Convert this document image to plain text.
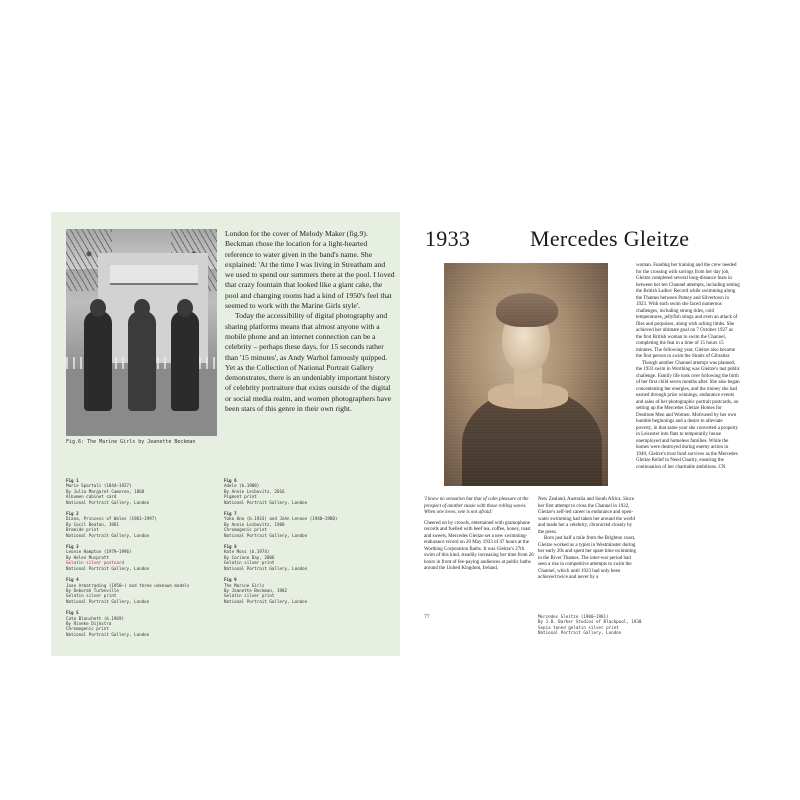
Fig.6: The Marine Girls by Jeanette Beckman

London for the cover of Melody Maker (fig.9). Beckman chose the location for a light-hearted reference to water given in the band's name. She explained: 'At the time I was living in Streatham and we used to spend our summers there at the pool. I loved that crazy fountain that looked like a giant cake, the pool and changing rooms had a kind of 1950's feel that seemed to work with the Marine Girls style'.

Today the accessibility of digital photography and sharing platforms means that almost anyone with a mobile phone and an internet connection can be a celebrity – perhaps these days, for 15 seconds rather than '15 minutes', as Andy Warhol famously quipped. Yet as the Collection of National Portrait Gallery demonstrates, there is an undeniably important history of celebrity portraiture that exists outside of the digital or social media realm, and women photographers have been stars of this genre in their own right.

Fig 1
Marie Spartali (1844–1927)
By Julia Margaret Cameron, 1868
Albumen cabinet card
National Portrait Gallery, London
Fig 2
Diana, Princess of Wales (1961–1997)
By Cecil Beaton, 1961
Bromide print
National Portrait Gallery, London
Fig 3
Leonie Hampton (1979–1996)
By Helen Muspratt
Gelatin silver postcard
National Portrait Gallery, London
Fig 4
Joan Armatrading (1950–) and three unknown models
By Deborah Turbeville
Gelatin silver print
National Portrait Gallery, London
Fig 5
Cate Blanchett (b.1969)
By Rineke Dijkstra
Chromogenic print
National Portrait Gallery, London
Fig 6
Adele (b.1988)
By Annie Leibovitz, 2016
Pigment print
National Portrait Gallery, London
Fig 7
Yoko Ono (b.1933) and John Lennon (1940–1980)
By Annie Leibovitz, 1980
Chromogenic print
National Portrait Gallery, London
Fig 8
Kate Moss (b.1974)
By Corinne Day, 2006
Gelatin silver print
National Portrait Gallery, London
Fig 9
The Marine Girls
By Jeanette Beckman, 1982
Gelatin silver print
National Portrait Gallery, London
1933	Mercedes Gleitze

'I know no sensation but that of calm pleasure at the prospect of another tussle with those rolling waves. When one loves, one is not afraid.'

Cheered on by crowds, entertained with gramophone records and fuelled with beef tea, coffee, honey, toast and sweets, Mercedes Gleitze set a new swimming-endurance record on 20 May 1933 of 47 hours at the Worthing Corporation Baths. It was Gleitze's 27th swim of this kind, steadily increasing her time from 26 hours in front of fee-paying audiences at public baths around the United Kingdom, Ireland,

New Zealand, Australia and South Africa. Since her first attempt to cross the Channel in 1922, Gleitze's self-led career in endurance and open-water swimming had taken her around the world and made her a celebrity, chronicled closely by the press.

Born just half a mile from the Brighton coast, Gleitze worked as a typist in Westminster during her early 20s and spent her spare time swimming in the River Thames. The inter-war period had seen a rise in competitive attempts to swim the Channel, which until 1923 had only been achieved twice and never by a

woman. Funding her training and the crew needed for the crossing with savings from her day job, Gleitze completed several long-distance feats in between her ten Channel attempts, including setting the British Ladies' Record while swimming along the Thames between Putney and Silvertown in 1923. With each swim she faced numerous challenges, including strong tides, cold temperatures, jellyfish stings and even an attack of flies and porpoises, along with aching limbs. She achieved her ultimate goal on 7 October 1927 as the first British woman to swim the Channel, completing the feat in a time of 15 hours 15 minutes. The following year, Gleitze also became the first person to swim the Straits of Gibraltar.

Though another Channel attempt was planned, the 1933 swim in Worthing was Gleitze's last public challenge. Family life took over following the birth of her first child seven months after. She also began concentrating her energies, and the money she had earned through prize winnings, endurance events and sales of her photographic portrait postcards, on setting up the Mercedes Gleitze Homes for Destitute Men and Women. Motivated by her own humble beginnings and a desire to alleviate poverty, in that same year she converted a property in Leicester into flats to temporarily house unemployed and homeless families. While the homes were destroyed during enemy action in 1940, Gleitze's trust fund survives as the Mercedes Gleitze Relief in Need Charity, ensuring the continuation of her charitable ambitions. CN

77	Mercedes Gleitze (1900–1981)
By J.B. Barker Studios of Blackpool, 1930
Sepia toned gelatin silver print
National Portrait Gallery, London
